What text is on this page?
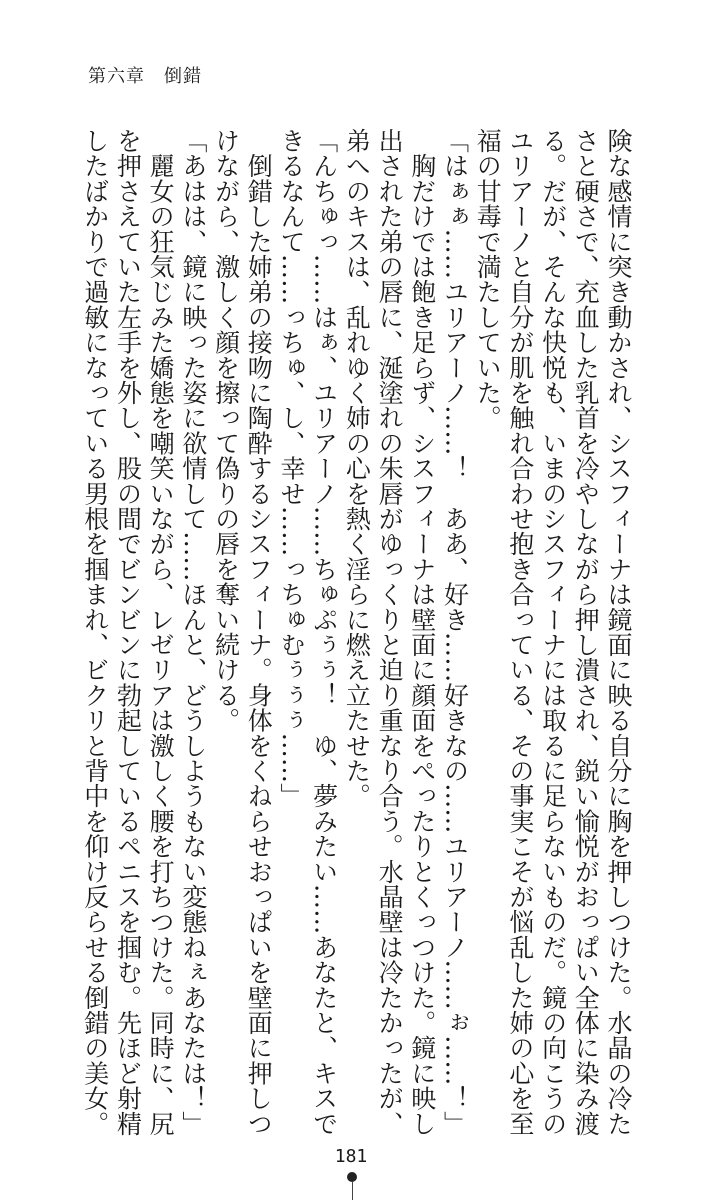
第六章　倒錯
険な感情に突き動かされ、シスフィーナは鏡面に映る自分に胸を押しつけた。水晶の冷た
さと硬さで、充血した乳首を冷やしながら押し潰され、鋭い愉悦がおっぱい全体に染み渡
る。だが、そんな快悦も、いまのシスフィーナには取るに足らないものだ。鏡の向こうの
ユリアーノと自分が肌を触れ合わせ抱き合っている、その事実こそが悩乱した姉の心を至
福の甘毒で満たしていた。
「はぁぁ……ユリアーノ……！　ああ、好き……好きなの……ユリアーノ……ぉ……！」
　胸だけでは飽き足らず、シスフィーナは壁面に顔面をぺったりとくっつけた。鏡に映し
出された弟の唇に、涎塗れの朱唇がゆっくりと迫り重なり合う。水晶壁は冷たかったが、
弟へのキスは、乱れゆく姉の心を熱く淫らに燃え立たせた。
「んちゅっ……はぁ、ユリアーノ……ちゅぷぅぅ！　ゆ、夢みたい……あなたと、キスで
きるなんて……っちゅ、し、幸せ……っちゅむぅぅぅ……」
　倒錯した姉弟の接吻に陶酔するシスフィーナ。身体をくねらせおっぱいを壁面に押しつ
けながら、激しく顔を擦って偽りの唇を奪い続ける。
「あはは、鏡に映った姿に欲情して……ほんと、どうしようもない変態ねぇあなたは！」
　麗女の狂気じみた嬌態を嘲笑いながら、レゼリアは激しく腰を打ちつけた。同時に、尻
を押さえていた左手を外し、股の間でビンビンに勃起しているペニスを掴む。先ほど射精
したばかりで過敏になっている男根を掴まれ、ビクリと背中を仰け反らせる倒錯の美女。
181
